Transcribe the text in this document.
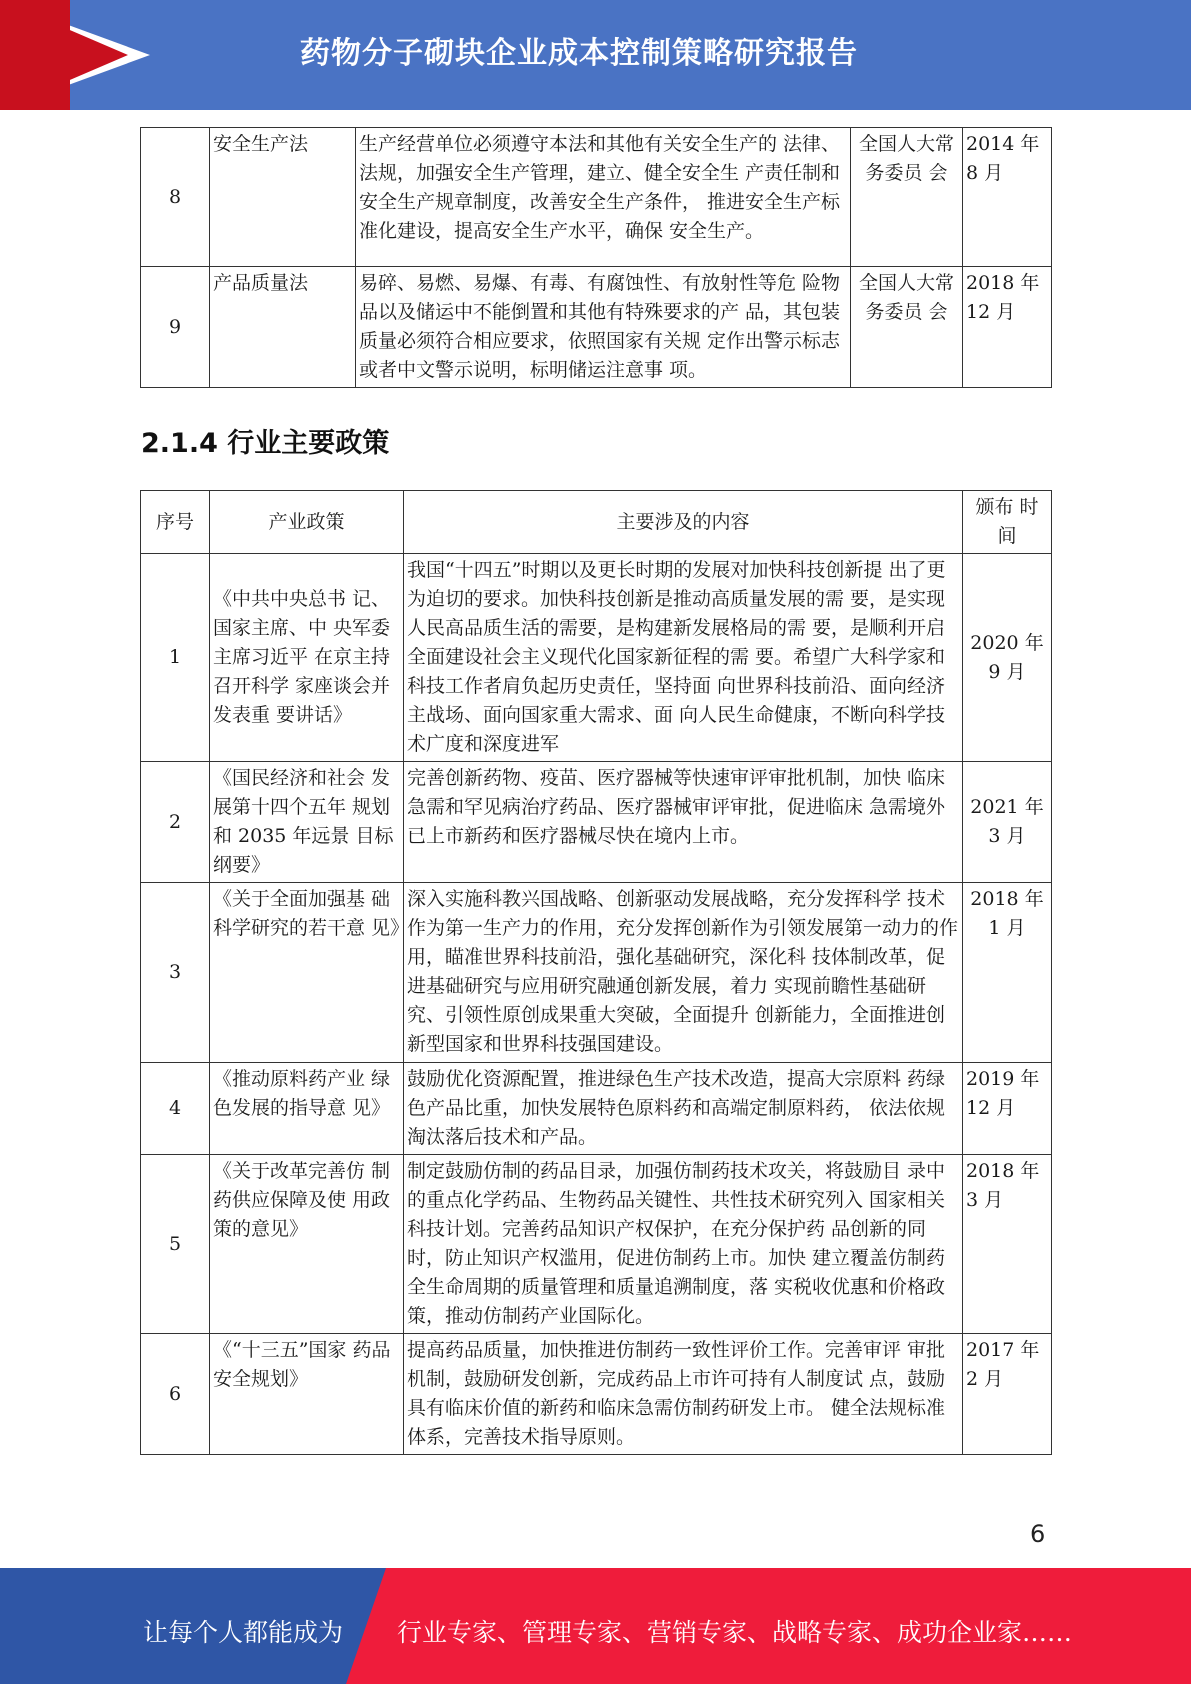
药物分子砌块企业成本控制策略研究报告
8	安全生产法	生产经营单位必须遵守本法和其他有关安全生产的 法律、法规，加强安全生产管理，建立、健全安全生 产责任制和安全生产规章制度，改善安全生产条件， 推进安全生产标准化建设，提高安全生产水平，确保 安全生产。	全国人大常务委员 会	2014 年 8 月
9	产品质量法	易碎、易燃、易爆、有毒、有腐蚀性、有放射性等危 险物品以及储运中不能倒置和其他有特殊要求的产 品，其包装质量必须符合相应要求，依照国家有关规 定作出警示标志或者中文警示说明，标明储运注意事 项。	全国人大常务委员 会	2018 年 12 月
2.1.4 行业主要政策
序号	产业政策	主要涉及的内容	颁布 时间
1	《中共中央总书 记、国家主席、中 央军委主席习近平 在京主持召开科学 家座谈会并发表重 要讲话》	我国“十四五”时期以及更长时期的发展对加快科技创新提 出了更为迫切的要求。加快科技创新是推动高质量发展的需 要，是实现人民高品质生活的需要，是构建新发展格局的需 要，是顺利开启全面建设社会主义现代化国家新征程的需 要。希望广大科学家和科技工作者肩负起历史责任，坚持面 向世界科技前沿、面向经济主战场、面向国家重大需求、面 向人民生命健康，不断向科学技术广度和深度进军	2020 年 9 月
2	《国民经济和社会 发展第十四个五年 规划和 2035 年远景 目标纲要》	完善创新药物、疫苗、医疗器械等快速审评审批机制，加快 临床急需和罕见病治疗药品、医疗器械审评审批，促进临床 急需境外已上市新药和医疗器械尽快在境内上市。	2021 年 3 月
3	《关于全面加强基 础科学研究的若干意 见》	深入实施科教兴国战略、创新驱动发展战略，充分发挥科学 技术作为第一生产力的作用，充分发挥创新作为引领发展第一动力的作用，瞄准世界科技前沿，强化基础研究，深化科 技体制改革，促进基础研究与应用研究融通创新发展，着力 实现前瞻性基础研究、引领性原创成果重大突破，全面提升 创新能力，全面推进创新型国家和世界科技强国建设。	2018 年 1 月
4	《推动原料药产业 绿色发展的指导意 见》	鼓励优化资源配置，推进绿色生产技术改造，提高大宗原料 药绿色产品比重，加快发展特色原料药和高端定制原料药， 依法依规淘汰落后技术和产品。	2019 年 12 月
5	《关于改革完善仿 制药供应保障及使 用政策的意见》	制定鼓励仿制的药品目录，加强仿制药技术攻关，将鼓励目 录中的重点化学药品、生物药品关键性、共性技术研究列入 国家相关科技计划。完善药品知识产权保护，在充分保护药 品创新的同时，防止知识产权滥用，促进仿制药上市。加快 建立覆盖仿制药全生命周期的质量管理和质量追溯制度，落 实税收优惠和价格政策，推动仿制药产业国际化。	2018 年 3 月
6	《“十三五”国家 药品安全规划》	提高药品质量，加快推进仿制药一致性评价工作。完善审评 审批机制，鼓励研发创新，完成药品上市许可持有人制度试 点，鼓励具有临床价值的新药和临床急需仿制药研发上市。 健全法规标准体系，完善技术指导原则。	2017 年 2 月
6
让每个人都能成为 行业专家、管理专家、营销专家、战略专家、成功企业家……
